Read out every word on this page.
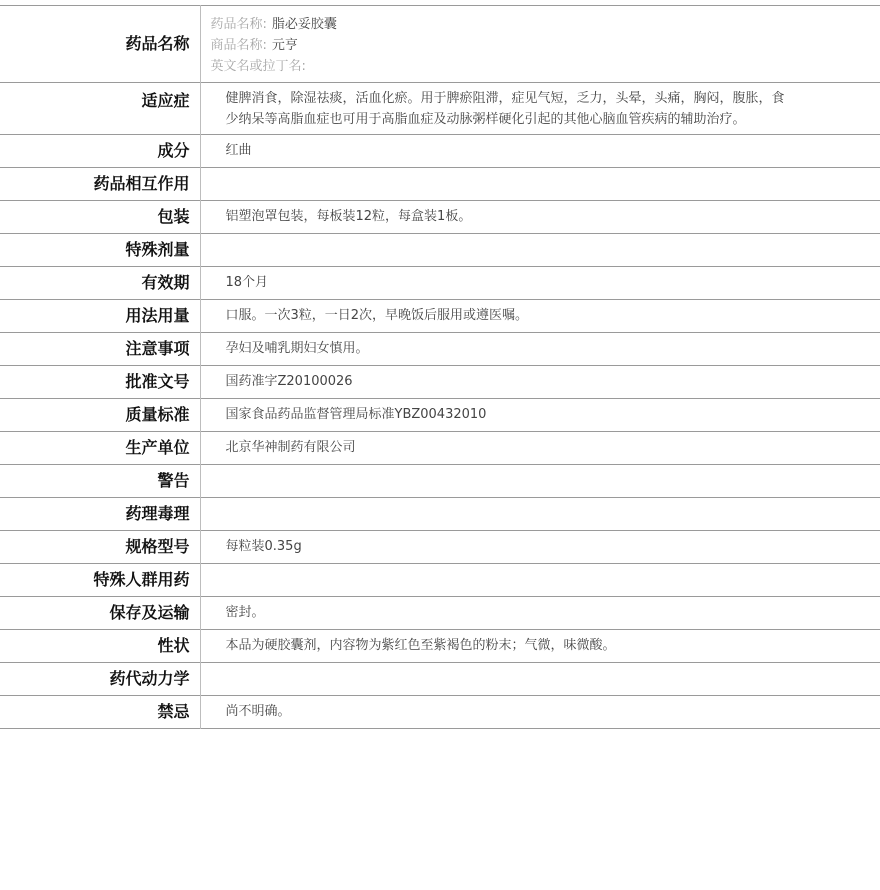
药品名称	药品名称: 脂必妥胶囊
商品名称: 元亨
英文名或拉丁名:

适应症	健脾消食，除湿祛痰，活血化瘀。用于脾瘀阻滞，症见气短，乏力，头晕，头痛，胸闷，腹胀，食少纳呆等高脂血症也可用于高脂血症及动脉粥样硬化引起的其他心脑血管疾病的辅助治疗。
成分	红曲
药品相互作用	
包装	铝塑泡罩包装，每板装12粒，每盒装1板。
特殊剂量	
有效期	18个月
用法用量	口服。一次3粒，一日2次，早晚饭后服用或遵医嘱。
注意事项	孕妇及哺乳期妇女慎用。
批准文号	国药准字Z20100026
质量标准	国家食品药品监督管理局标准YBZ00432010
生产单位	北京华神制药有限公司
警告	
药理毒理	
规格型号	每粒装0.35g
特殊人群用药	
保存及运输	密封。
性状	本品为硬胶囊剂，内容物为紫红色至紫褐色的粉末；气微，味微酸。
药代动力学	
禁忌	尚不明确。
